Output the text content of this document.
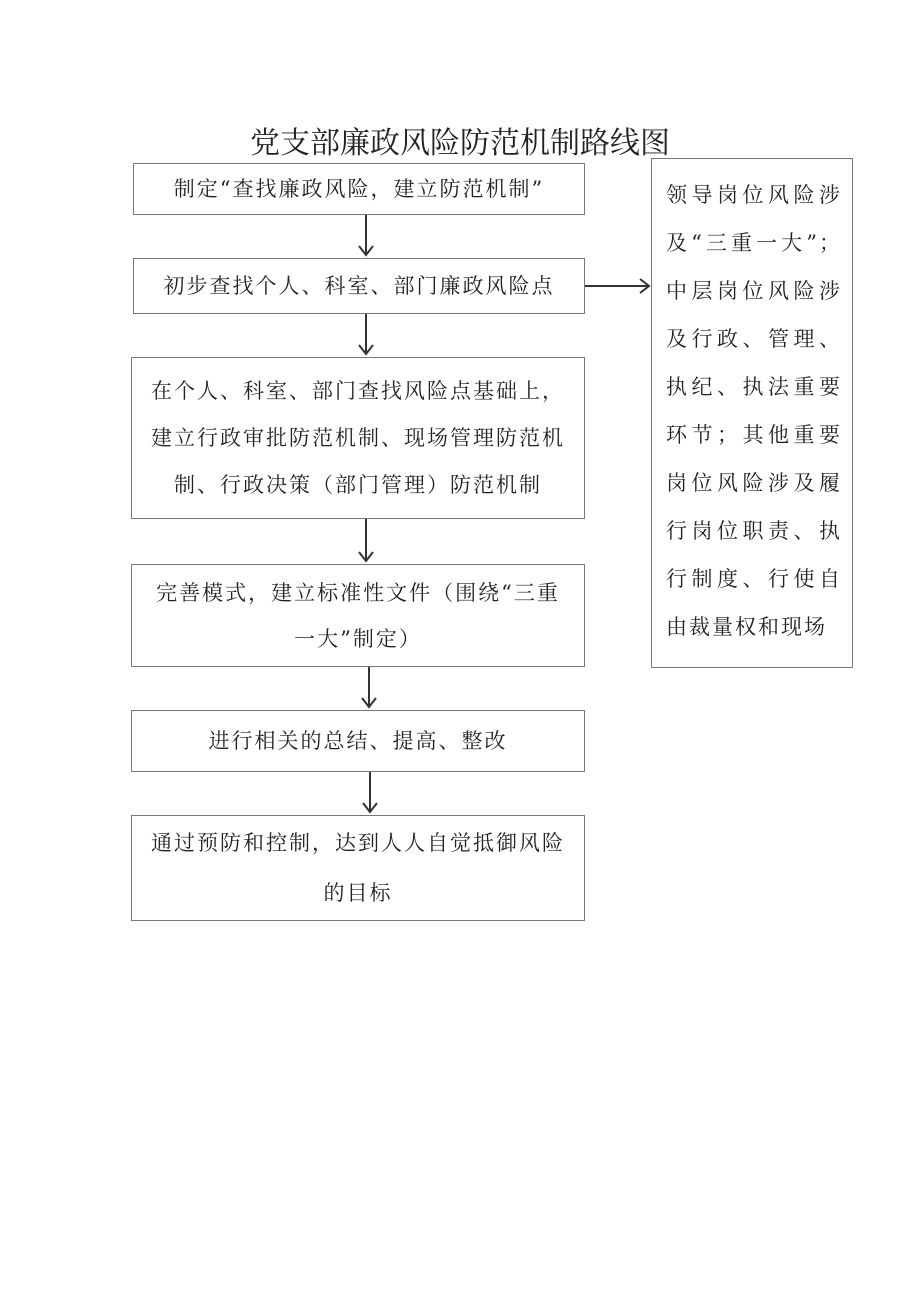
党支部廉政风险防范机制路线图
制定“查找廉政风险，建立防范机制”
初步查找个人、科室、部门廉政风险点
在个人、科室、部门查找风险点基础上，建立行政审批防范机制、现场管理防范机制、行政决策（部门管理）防范机制
完善模式，建立标准性文件（围绕“三重一大”制定）
进行相关的总结、提高、整改
通过预防和控制，达到人人自觉抵御风险的目标
领导岗位风险涉及“三重一大”；中层岗位风险涉及行政、管理、执纪、执法重要环节；其他重要岗位风险涉及履行岗位职责、执行制度、行使自由裁量权和现场
